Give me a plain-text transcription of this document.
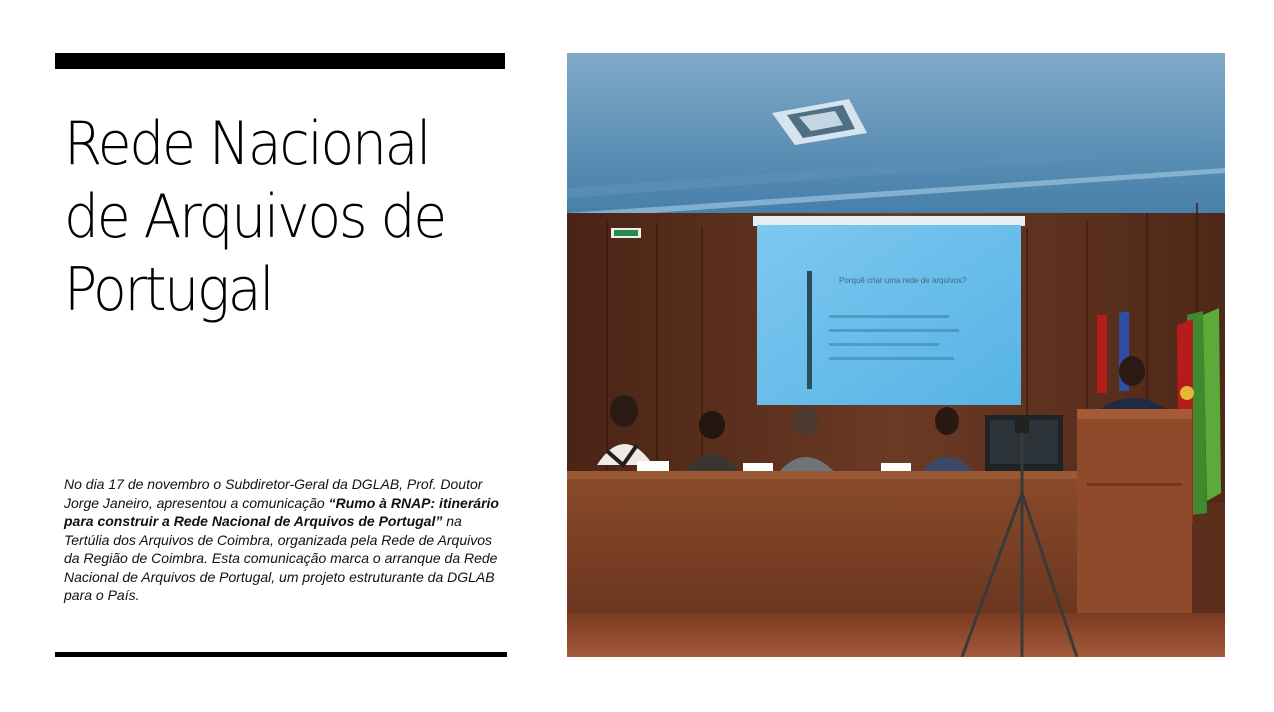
Rede Nacional
de Arquivos de
Portugal

No dia 17 de novembro o Subdiretor-Geral da DGLAB, Prof. Doutor Jorge Janeiro, apresentou a comunicação “Rumo à RNAP: itinerário para construir a Rede Nacional de Arquivos de Portugal” na Tertúlia dos Arquivos de Coimbra, organizada pela Rede de Arquivos da Região de Coimbra. Esta comunicação marca o arranque da Rede Nacional de Arquivos de Portugal, um projeto estruturante da DGLAB para o País.

Porquê criar uma rede de arquivos?
